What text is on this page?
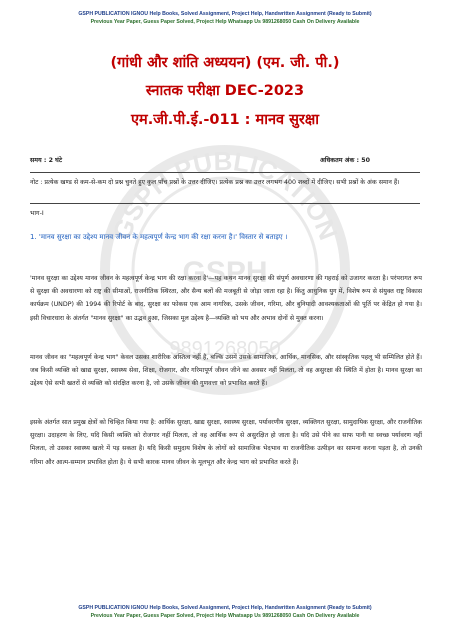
GSPH PUBLICATION IGNOU Help Books, Solved Assignment, Project Help, Handwritten Assignment (Ready to Submit)
Previous Year Paper, Guess Paper Solved, Project Help Whatsapp Us 9891268050 Cash On Delivery Available
GSPH PUBLICATION
GSPH
9891268050
(गांधी और शांति अध्ययन) (एम. जी. पी.)
स्नातक परीक्षा DEC-2023
एम.जी.पी.ई.-011 : मानव सुरक्षा
समय : 2 घंटे	अधिकतम अंक : 50
नोट : प्रत्येक खण्ड से कम-से-कम दो प्रश्न चुनते हुए कुल पाँच प्रश्नों के उत्तर दीजिए। प्रत्येक प्रश्न का उत्तर लगभग 400 शब्दों में दीजिए। सभी प्रश्नों के अंक समान हैं।
भाग-I
1. 'मानव सुरक्षा का उद्देश्य मानव जीवन के महत्वपूर्ण केन्द्र भाग की रक्षा करना है।' विस्तार से बताइए ।
'मानव सुरक्षा का उद्देश्य मानव जीवन के महत्वपूर्ण केन्द्र भाग की रक्षा करना है'—यह कथन मानव सुरक्षा की संपूर्ण अवधारणा की गहराई को उजागर करता है। परंपरागत रूप से सुरक्षा की अवधारणा को राष्ट्र की सीमाओं, राजनीतिक स्थिरता, और सैन्य बलों की मजबूती से जोड़ा जाता रहा है। किंतु आधुनिक युग में, विशेष रूप से संयुक्त राष्ट्र विकास कार्यक्रम (UNDP) की 1994 की रिपोर्ट के बाद, सुरक्षा का फोकस एक आम नागरिक, उसके जीवन, गरिमा, और बुनियादी आवश्यकताओं की पूर्ति पर केंद्रित हो गया है। इसी विचारधारा के अंतर्गत "मानव सुरक्षा" का उद्भव हुआ, जिसका मूल उद्देश्य है—व्यक्ति को भय और अभाव दोनों से मुक्त करना।
मानव जीवन का "महत्वपूर्ण केन्द्र भाग" केवल उसका शारीरिक अस्तित्व नहीं है, बल्कि उसमें उसके सामाजिक, आर्थिक, मानसिक, और सांस्कृतिक पहलू भी सम्मिलित होते हैं। जब किसी व्यक्ति को खाद्य सुरक्षा, स्वास्थ्य सेवा, शिक्षा, रोजगार, और गरिमापूर्ण जीवन जीने का अवसर नहीं मिलता, तो वह असुरक्षा की स्थिति में होता है। मानव सुरक्षा का उद्देश्य ऐसे सभी खतरों से व्यक्ति को संरक्षित करना है, जो उसके जीवन की गुणवत्ता को प्रभावित करते हैं।
इसके अंतर्गत सात प्रमुख क्षेत्रों को चिन्हित किया गया है: आर्थिक सुरक्षा, खाद्य सुरक्षा, स्वास्थ्य सुरक्षा, पर्यावरणीय सुरक्षा, व्यक्तिगत सुरक्षा, सामुदायिक सुरक्षा, और राजनीतिक सुरक्षा। उदाहरण के लिए, यदि किसी व्यक्ति को रोजगार नहीं मिलता, तो वह आर्थिक रूप से असुरक्षित हो जाता है। यदि उसे पीने का साफ पानी या स्वच्छ पर्यावरण नहीं मिलता, तो उसका स्वास्थ्य खतरे में पड़ सकता है। यदि किसी समुदाय विशेष के लोगों को सामाजिक भेदभाव या राजनीतिक उत्पीड़न का सामना करना पड़ता है, तो उनकी गरिमा और आत्म-सम्मान प्रभावित होता है। ये सभी कारक मानव जीवन के मूलभूत और केन्द्र भाग को प्रभावित करते हैं।
GSPH PUBLICATION IGNOU Help Books, Solved Assignment, Project Help, Handwritten Assignment (Ready to Submit)
Previous Year Paper, Guess Paper Solved, Project Help Whatsapp Us 9891268050 Cash On Delivery Available
